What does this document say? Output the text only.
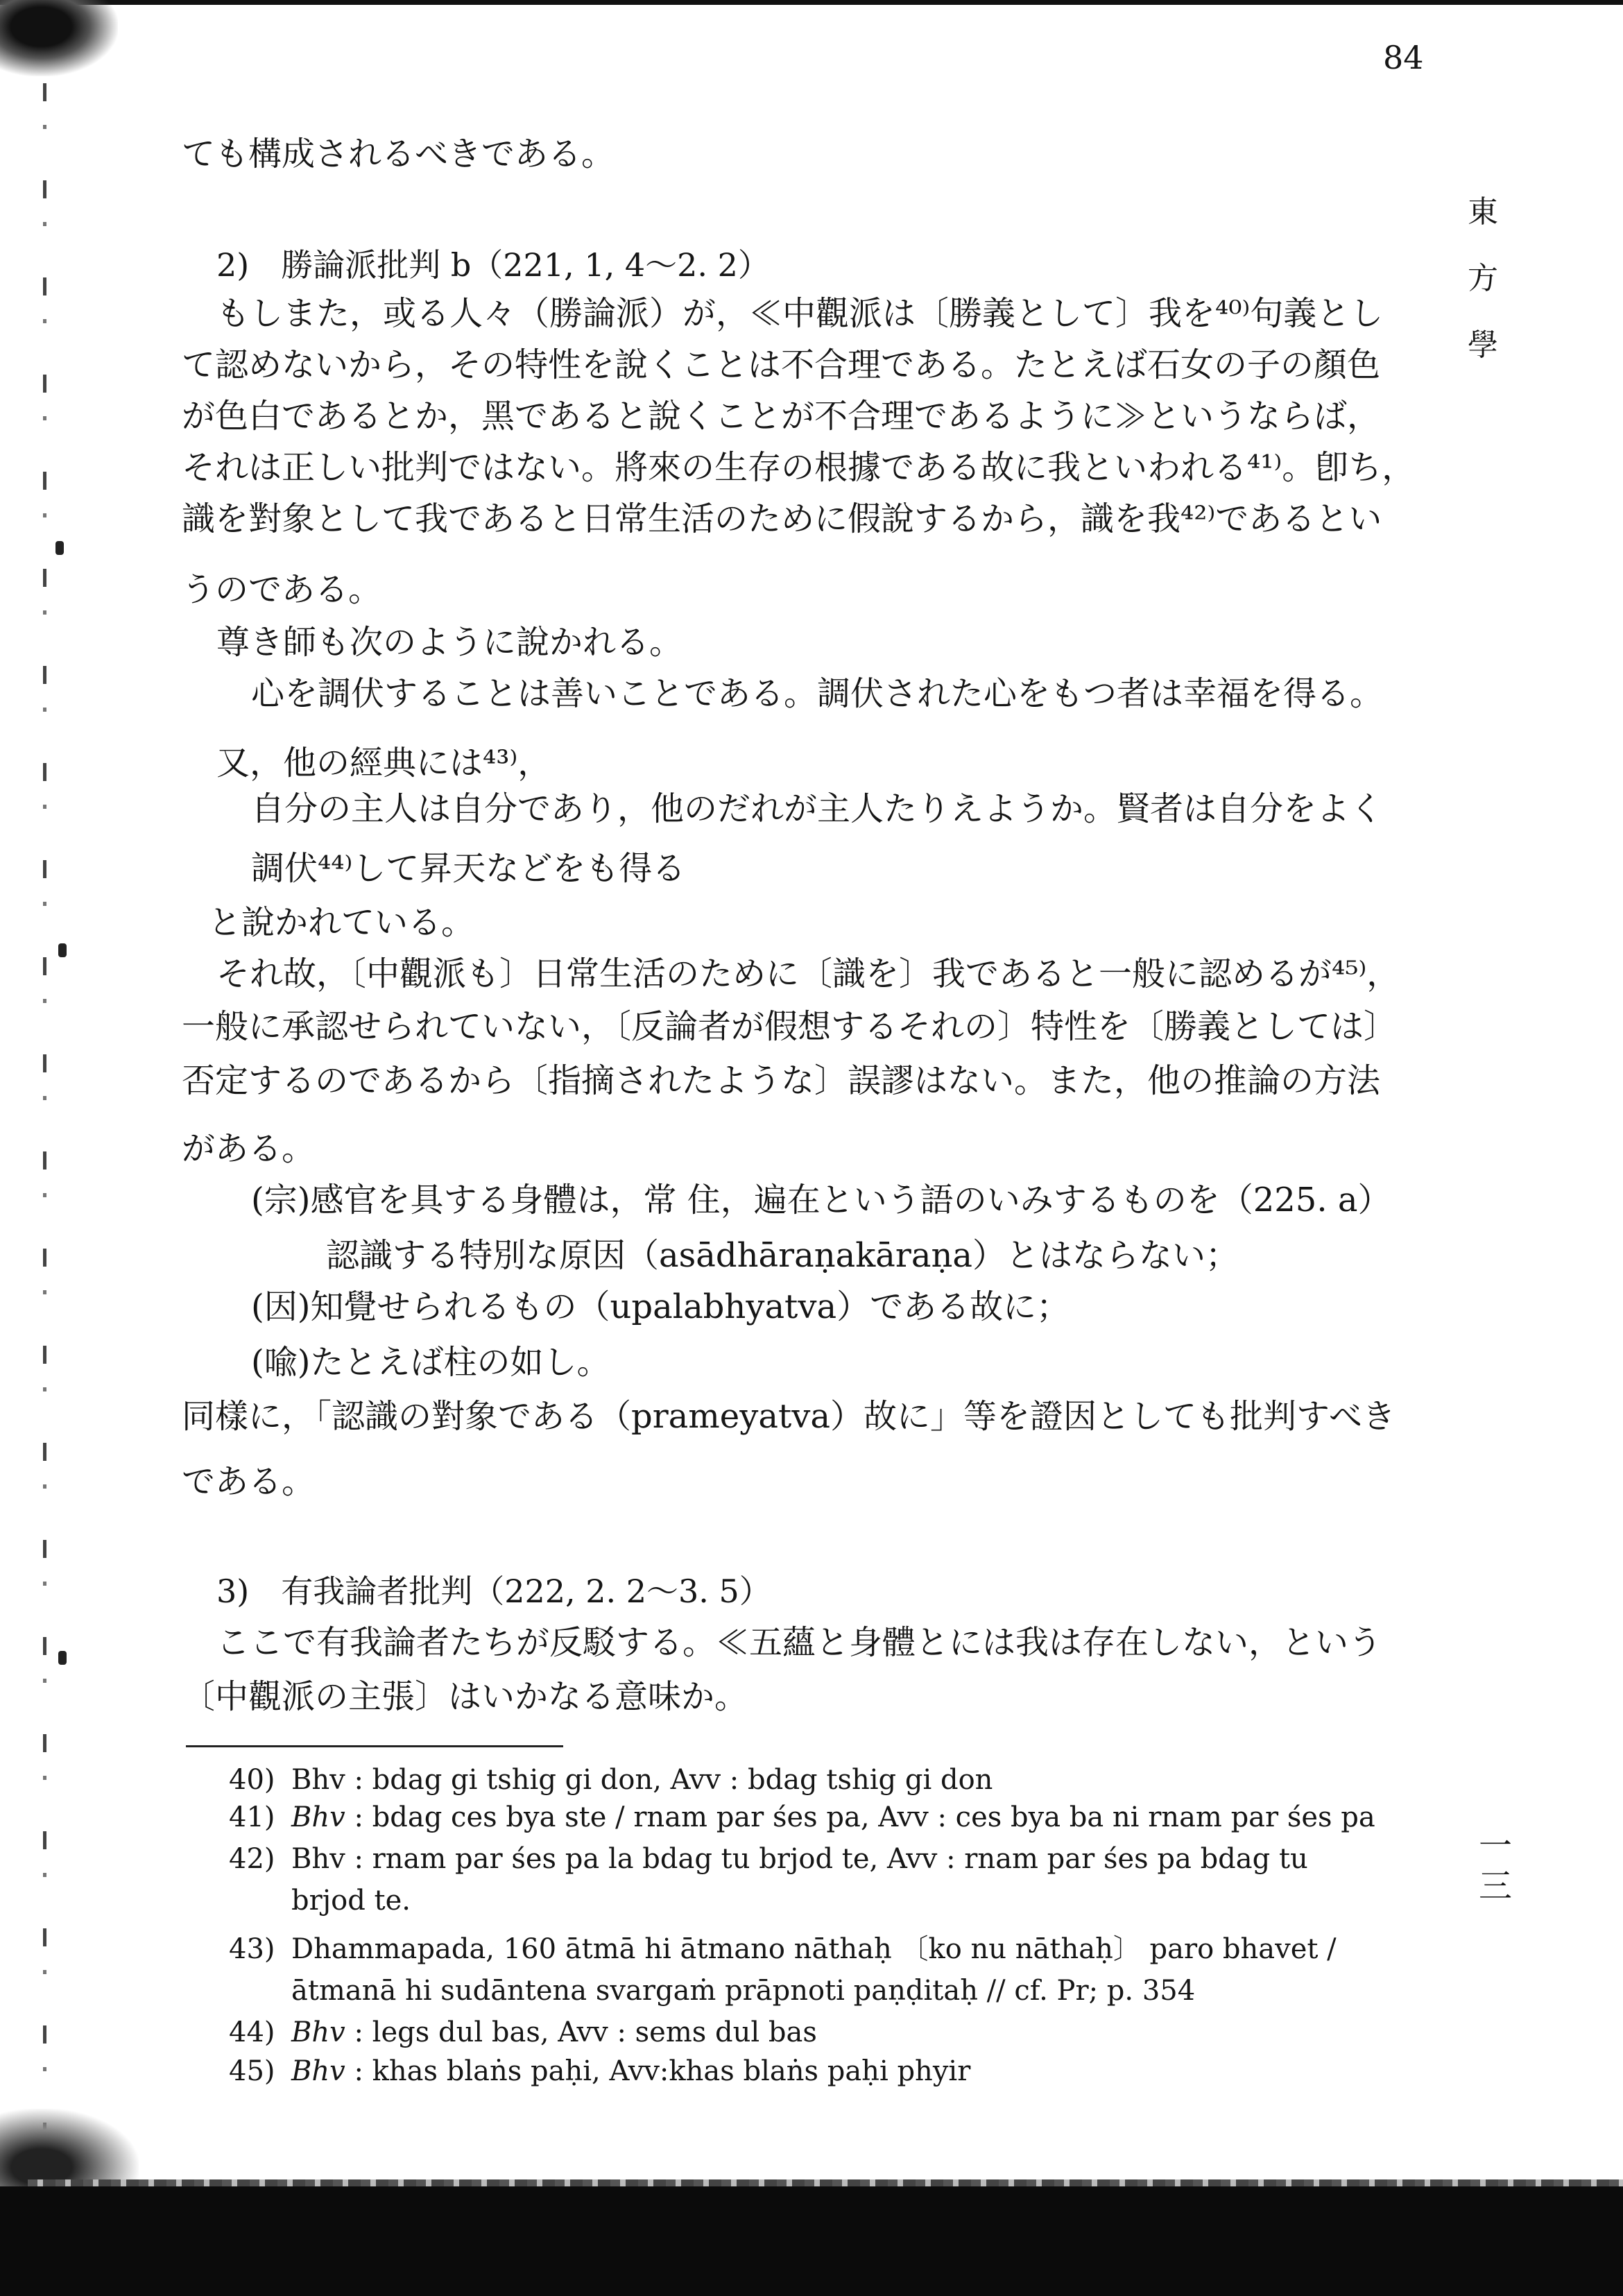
84
東
方
學
一
三
ても構成されるべきである。
2)　勝論派批判 b（221, 1, 4～2. 2）
もしまた，或る人々（勝論派）が，≪中觀派は〔勝義として〕我を⁴⁰⁾句義とし
て認めないから，その特性を說くことは不合理である。たとえば石女の子の顏色
が色白であるとか，黑であると說くことが不合理であるように≫というならば，
それは正しい批判ではない。將來の生存の根據である故に我といわれる⁴¹⁾。卽ち，
識を對象として我であると日常生活のために假說するから，識を我⁴²⁾であるとい
うのである。
尊き師も次のように說かれる。
心を調伏することは善いことである。調伏された心をもつ者は幸福を得る。
又，他の經典には⁴³⁾，
自分の主人は自分であり，他のだれが主人たりえようか。賢者は自分をよく
調伏⁴⁴⁾して昇天などをも得る
と說かれている。
それ故，〔中觀派も〕日常生活のために〔識を〕我であると一般に認めるが⁴⁵⁾，
一般に承認せられていない，〔反論者が假想するそれの〕特性を〔勝義としては〕
否定するのであるから〔指摘されたような〕誤謬はない。また，他の推論の方法
がある。
(宗)感官を具する身體は，常 住，遍在という語のいみするものを（225. a）
認識する特別な原因（asādhāraṇakāraṇa）とはならない；
(因)知覺せられるもの（upalabhyatva）である故に；
(喩)たとえば柱の如し。
同樣に，「認識の對象である（prameyatva）故に」等を證因としても批判すべき
である。
3)　有我論者批判（222, 2. 2～3. 5）
ここで有我論者たちが反駁する。≪五蘊と身體とには我は存在しない，という
〔中觀派の主張〕はいかなる意味か。
40) Bhv : bdag gi tshig gi don, Avv : bdag tshig gi don
41) Bhv : bdag ces bya ste / rnam par śes pa, Avv : ces bya ba ni rnam par śes pa
42) Bhv : rnam par śes pa la bdag tu brjod te, Avv : rnam par śes pa bdag tu
brjod te.
43) Dhammapada, 160 ātmā hi ātmano nāthaḥ 〔ko nu nāthaḥ〕 paro bhavet /
ātmanā hi sudāntena svargaṁ prāpnoti paṇḍitaḥ // cf. Pr; p. 354
44) Bhv : legs dul bas, Avv : sems dul bas
45) Bhv : khas blaṅs paḥi, Avv:khas blaṅs paḥi phyir
